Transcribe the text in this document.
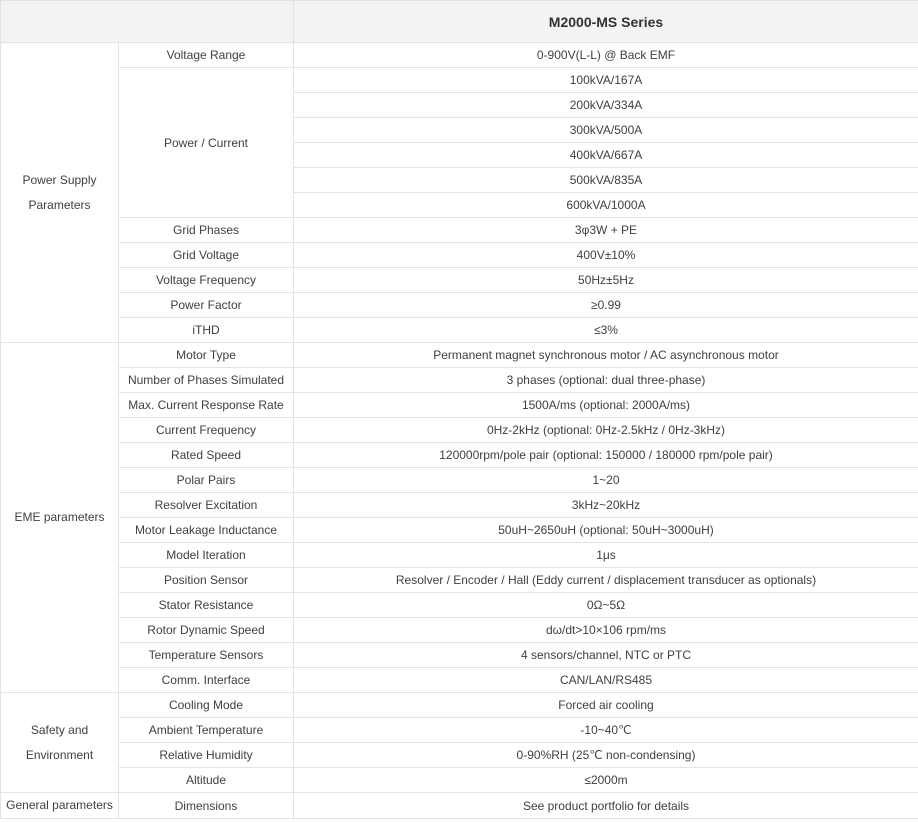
		M2000-MS Series
Power Supply
Parameters	Voltage Range	0-900V(L-L) @ Back EMF
	Power / Current	100kVA/167A
		200kVA/334A
		300kVA/500A
		400kVA/667A
		500kVA/835A
		600kVA/1000A
	Grid Phases	3φ3W + PE
	Grid Voltage	400V±10%
	Voltage Frequency	50Hz±5Hz
	Power Factor	≥0.99
	iTHD	≤3%
EME parameters	Motor Type	Permanent magnet synchronous motor / AC asynchronous motor
	Number of Phases Simulated	3 phases (optional: dual three-phase)
	Max. Current Response Rate	1500A/ms (optional: 2000A/ms)
	Current Frequency	0Hz-2kHz (optional: 0Hz-2.5kHz / 0Hz-3kHz)
	Rated Speed	120000rpm/pole pair (optional: 150000 / 180000 rpm/pole pair)
	Polar Pairs	1~20
	Resolver Excitation	3kHz~20kHz
	Motor Leakage Inductance	50uH~2650uH (optional: 50uH~3000uH)
	Model Iteration	1μs
	Position Sensor	Resolver / Encoder / Hall (Eddy current / displacement transducer as optionals)
	Stator Resistance	0Ω~5Ω
	Rotor Dynamic Speed	dω/dt>10×106 rpm/ms
	Temperature Sensors	4 sensors/channel, NTC or PTC
	Comm. Interface	CAN/LAN/RS485
Safety and
Environment	Cooling Mode	Forced air cooling
	Ambient Temperature	-10~40℃
	Relative Humidity	0-90%RH (25℃ non-condensing)
	Altitude	≤2000m
General parameters	Dimensions	See product portfolio for details
